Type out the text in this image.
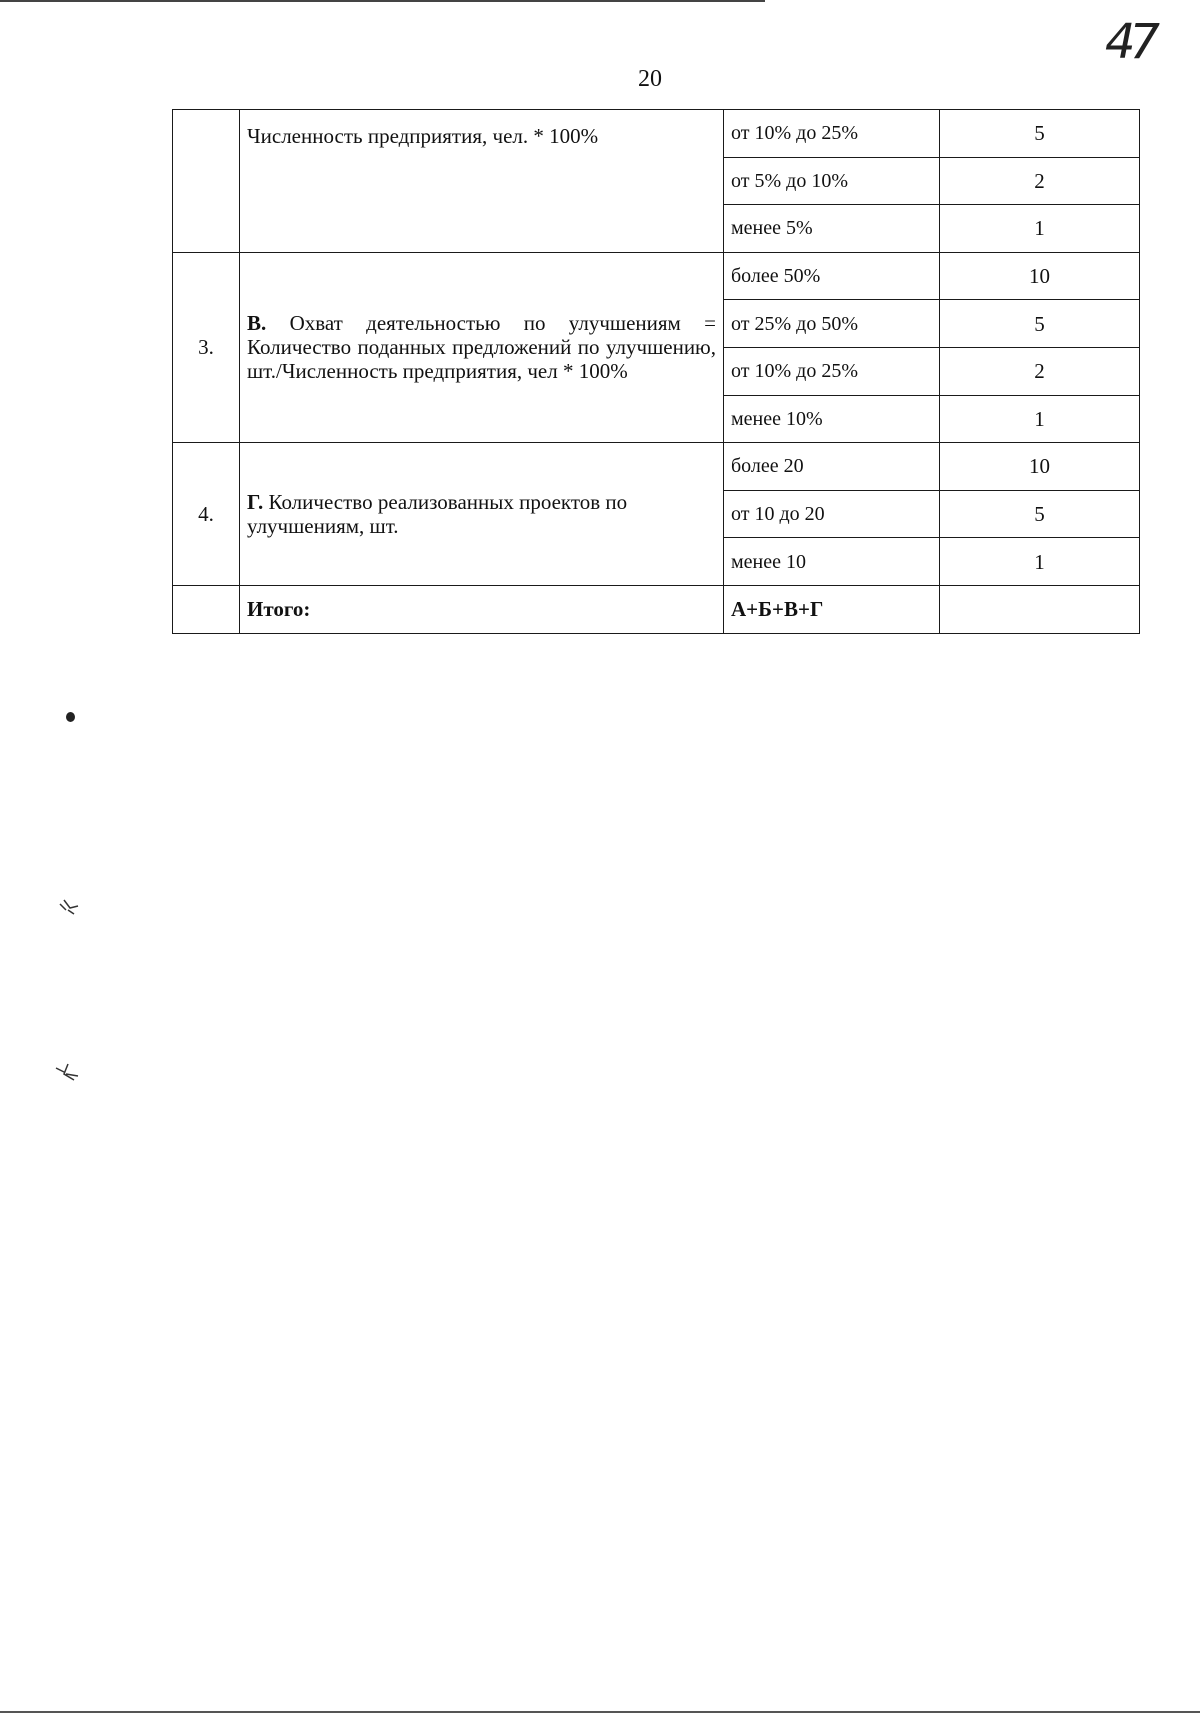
47
20
	Численность предприятия, чел. * 100%	от 10% до 25%	5
		от 5% до 10%	2
		менее 5%	1
3.	В. Охват деятельностью по улучшениям = Количество поданных предложений по улучшению, шт./Численность предприятия, чел * 100%	более 50%	10
		от 25% до 50%	5
		от 10% до 25%	2
		менее 10%	1
4.	Г. Количество реализованных проектов по улучшениям, шт.	более 20	10
		от 10 до 20	5
		менее 10	1
	Итого:	А+Б+В+Г	
